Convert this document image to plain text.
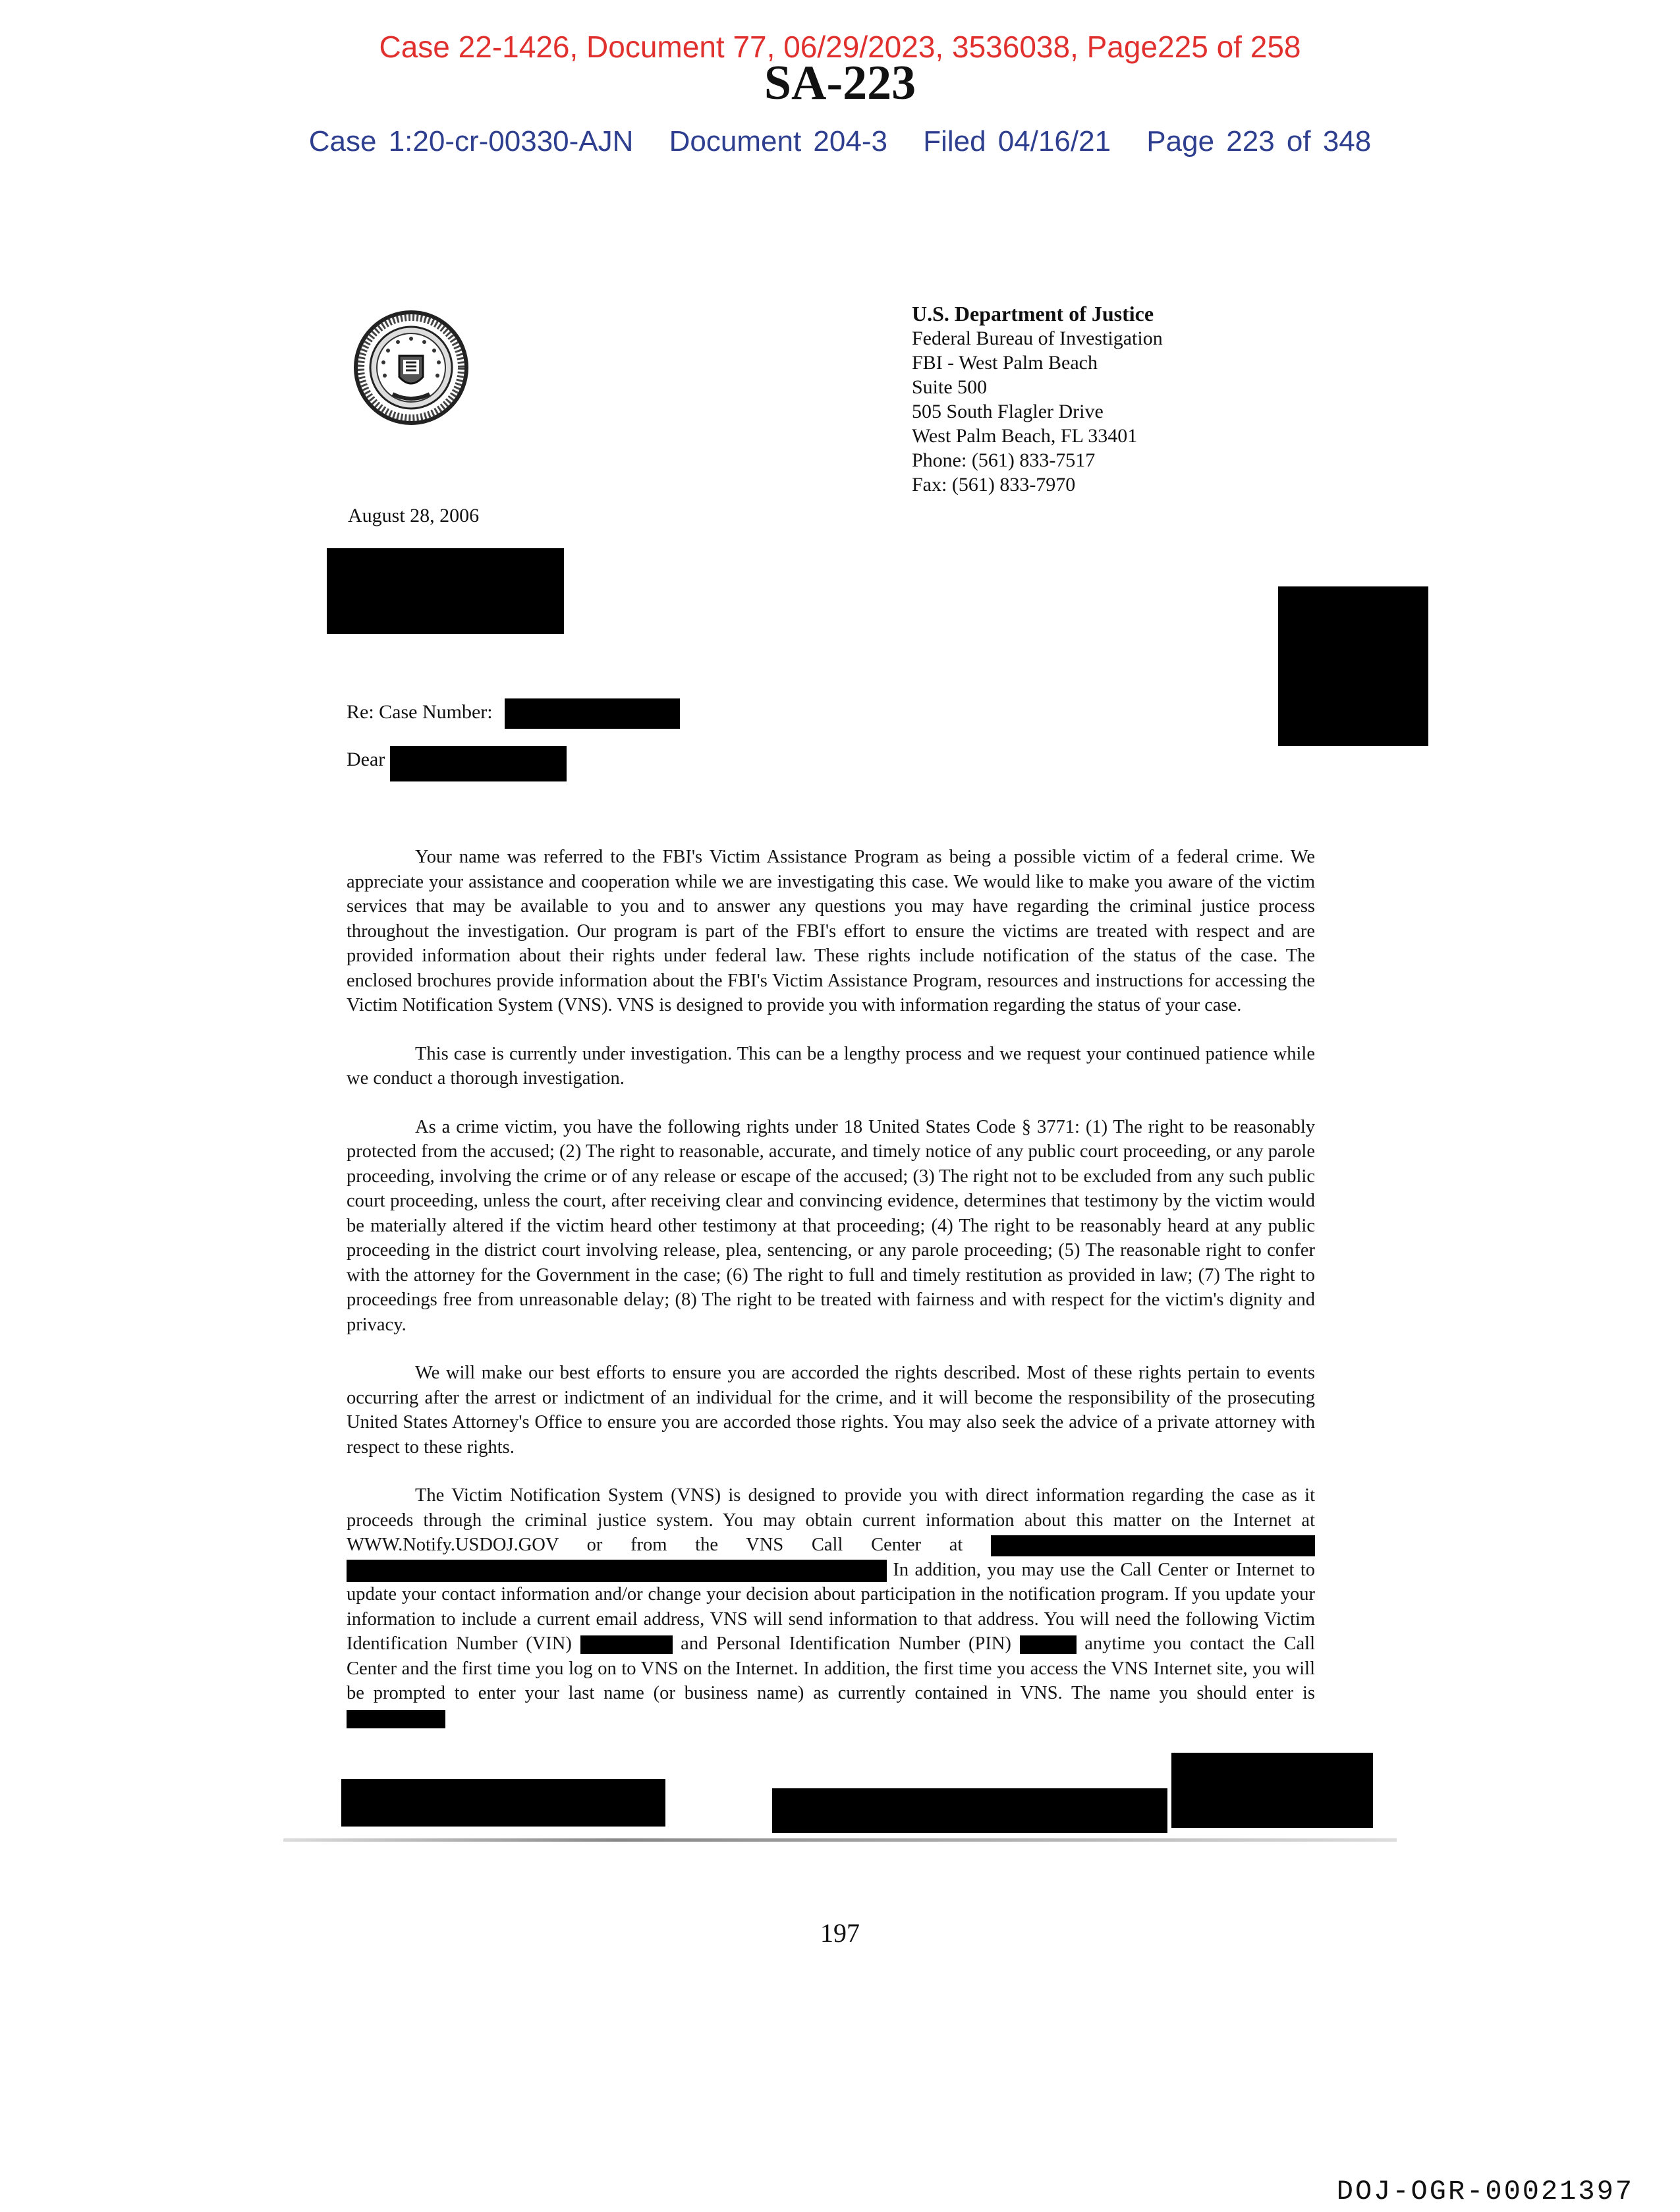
Case 22-1426, Document 77, 06/29/2023, 3536038, Page225 of 258
SA-223
Case 1:20-cr-00330-AJN Document 204-3 Filed 04/16/21 Page 223 of 348
U.S. Department of Justice
Federal Bureau of Investigation
FBI - West Palm Beach
Suite 500
505 South Flagler Drive
West Palm Beach, FL 33401
Phone: (561) 833-7517
Fax: (561) 833-7970
August 28, 2006
Re: Case Number:
Dear

Your name was referred to the FBI's Victim Assistance Program as being a possible victim of a federal crime. We appreciate your assistance and cooperation while we are investigating this case. We would like to make you aware of the victim services that may be available to you and to answer any questions you may have regarding the criminal justice process throughout the investigation. Our program is part of the FBI's effort to ensure the victims are treated with respect and are provided information about their rights under federal law. These rights include notification of the status of the case. The enclosed brochures provide information about the FBI's Victim Assistance Program, resources and instructions for accessing the Victim Notification System (VNS). VNS is designed to provide you with information regarding the status of your case.

This case is currently under investigation. This can be a lengthy process and we request your continued patience while we conduct a thorough investigation.

As a crime victim, you have the following rights under 18 United States Code § 3771: (1) The right to be reasonably protected from the accused; (2) The right to reasonable, accurate, and timely notice of any public court proceeding, or any parole proceeding, involving the crime or of any release or escape of the accused; (3) The right not to be excluded from any such public court proceeding, unless the court, after receiving clear and convincing evidence, determines that testimony by the victim would be materially altered if the victim heard other testimony at that proceeding; (4) The right to be reasonably heard at any public proceeding in the district court involving release, plea, sentencing, or any parole proceeding; (5) The reasonable right to confer with the attorney for the Government in the case; (6) The right to full and timely restitution as provided in law; (7) The right to proceedings free from unreasonable delay; (8) The right to be treated with fairness and with respect for the victim's dignity and privacy.

We will make our best efforts to ensure you are accorded the rights described. Most of these rights pertain to events occurring after the arrest or indictment of an individual for the crime, and it will become the responsibility of the prosecuting United States Attorney's Office to ensure you are accorded those rights. You may also seek the advice of a private attorney with respect to these rights.

The Victim Notification System (VNS) is designed to provide you with direct information regarding the case as it proceeds through the criminal justice system. You may obtain current information about this matter on the Internet at WWW.Notify.USDOJ.GOV or from the VNS Call Center at   In addition, you may use the Call Center or Internet to update your contact information and/or change your decision about participation in the notification program. If you update your information to include a current email address, VNS will send information to that address. You will need the following Victim Identification Number (VIN)	and Personal Identification Number (PIN)	anytime you contact the Call Center and the first time you log on to VNS on the Internet. In addition, the first time you access the VNS Internet site, you will be prompted to enter your last name (or business name) as currently contained in VNS. The name you should enter is

197
DOJ-OGR-00021397
